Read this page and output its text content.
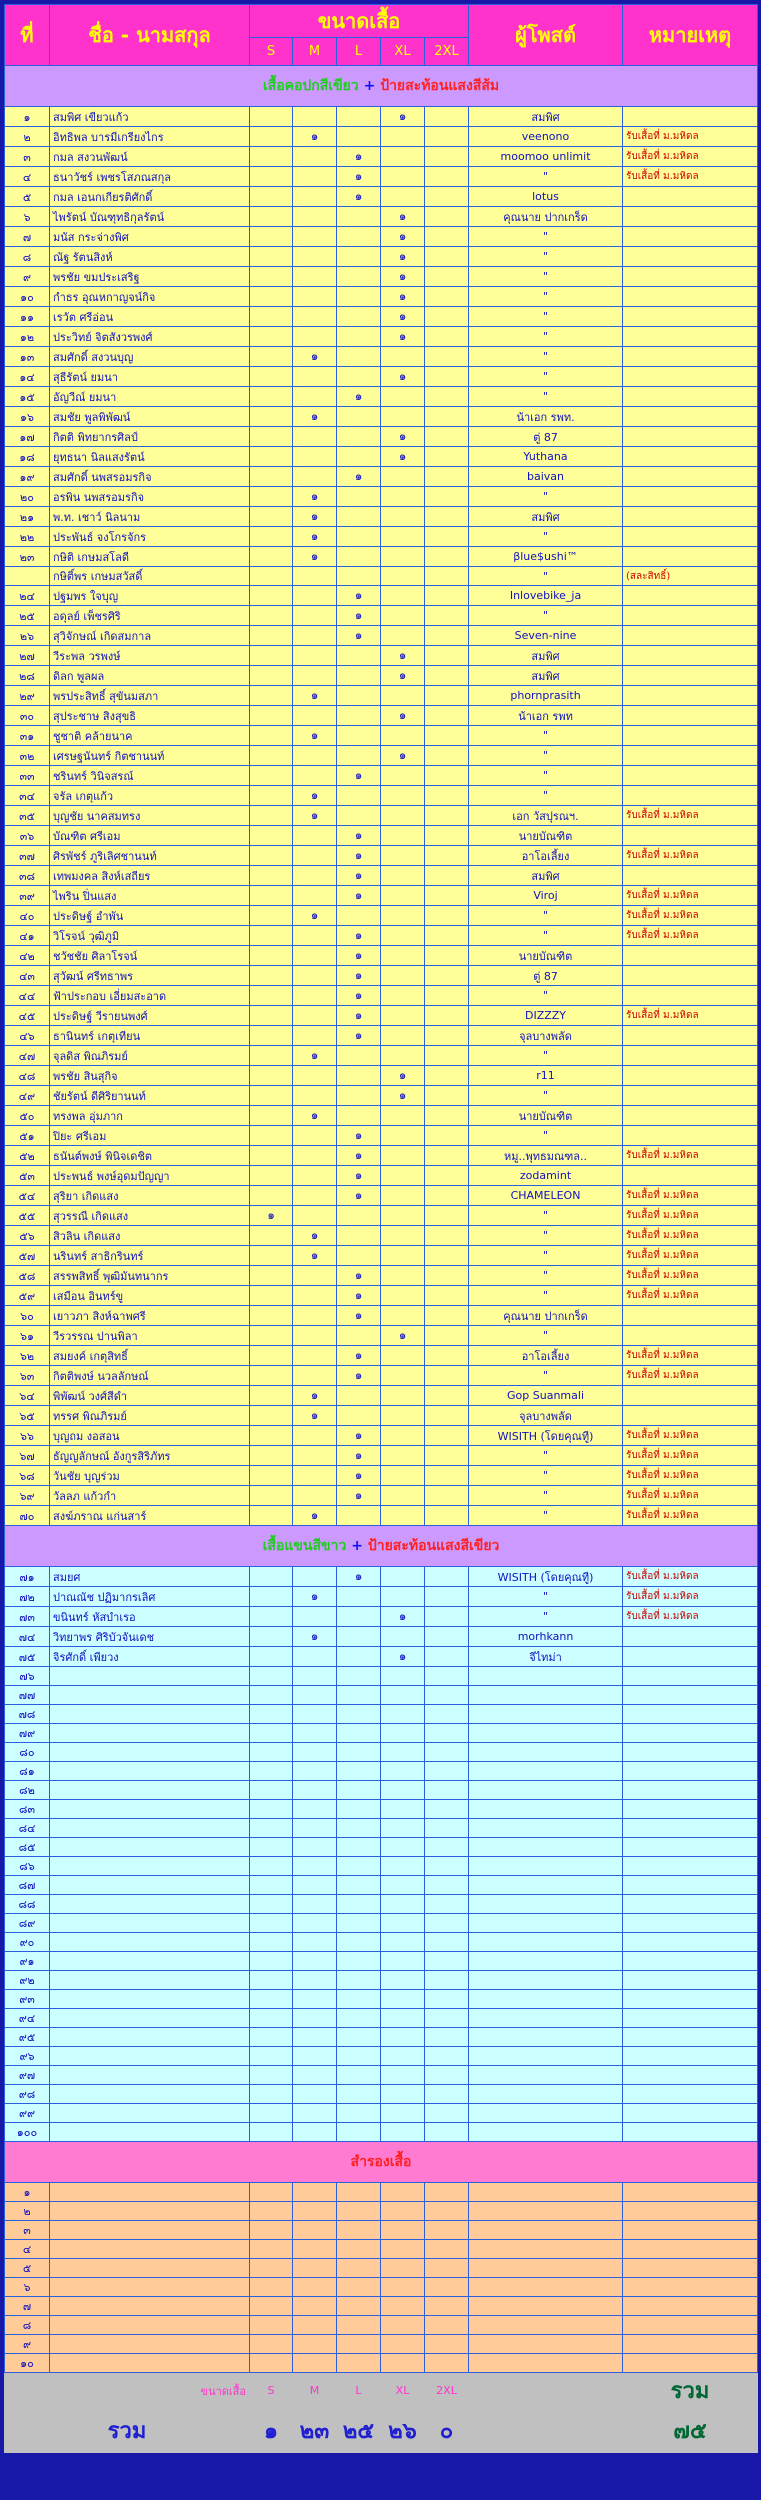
ที่	ชื่อ - นามสกุล	ขนาดเสื้อ					ผู้โพสต์	หมายเหตุ
		S	M	L	XL	2XL		
เสื้อคอปกสีเขียว + ป้ายสะท้อนแสงสีส้ม								
๑	สมพิศ เขียวแก้ว				๑		สมพิศ	
๒	อิทธิพล บารมีเกรียงไกร		๑				veenono	รับเสื้อที่ ม.มหิดล
๓	กมล สงวนพัฒน์			๑			moomoo unlimit	รับเสื้อที่ ม.มหิดล
๔	ธนาวัชร์ เพชรโสภณสกุล			๑			"	รับเสื้อที่ ม.มหิดล
๕	กมล เอนกเกียรติศักดิ์			๑			lotus	
๖	ไพรัตน์ บัณฑุทธิกุลรัตน์				๑		คุณนาย ปากเกร็ด	
๗	มนัส กระจ่างพิศ				๑		"	
๘	ณัฐ รัตนสิงห์				๑		"	
๙	พรชัย ขมประเสริฐ				๑		"	
๑๐	กำธร อุณหกาญจน์กิจ				๑		"	
๑๑	เรวัต ศรีอ่อน				๑		"	
๑๒	ประวิทย์ จิตสังวรพงศ์				๑		"	
๑๓	สมศักดิ์ สงวนบุญ		๑				"	
๑๔	สุธีรัตน์ ยมนา				๑		"	
๑๕	อัญวีณ์ ยมนา			๑			"	
๑๖	สมชัย พูลพิพัฒน์		๑				น้าเอก รพท.	
๑๗	กิตติ พิทยากรศิลป์				๑		ตู่ 87	
๑๘	ยุทธนา นิลแสงรัตน์				๑		Yuthana	
๑๙	สมศักดิ์ นพสรอมรกิจ			๑			baivan	
๒๐	อรพิน นพสรอมรกิจ		๑				"	
๒๑	พ.ท. เชาว์ นิลนาม		๑				สมพิศ	
๒๒	ประพันธ์ จงโกรจักร		๑				"	
๒๓	กษิติ เกษมสโลดี		๑				βlue$ushi™	
	กษิติ์พร เกษมสวัสดิ์						"	(สละสิทธิ์)
๒๔	ปฐมพร ใจบุญ			๑			Inlovebike_ja	
๒๕	อดุลย์ เพ็ชรศิริ			๑			"	
๒๖	สุวิจักษณ์ เกิดสมกาล			๑			Seven-nine	
๒๗	วีระพล วรพงษ์				๑		สมพิศ	
๒๘	ดิลก พูลผล				๑		สมพิศ	
๒๙	พรประสิทธิ์ สุขันมสภา		๑				phornprasith	
๓๐	สุประชาษ สิงสุขธิ				๑		น้าเอก รพท	
๓๑	ชูชาติ คล้ายนาค		๑				"	
๓๒	เศรษฐนันทร์ กิตชานนท์				๑		"	
๓๓	ชรินทร์ วินิจสรณ์			๑			"	
๓๔	จรัล เกตุแก้ว		๑				"	
๓๕	บุญชัย นาคสมทรง		๑				เอก วัสปุรณฯ.	รับเสื้อที่ ม.มหิดล
๓๖	บัณฑิต ศรีเอม			๑			นายบัณฑิต	
๓๗	ศิรพัชร์ ภูริเลิศชานนท์			๑			อาโอเลี้ยง	รับเสื้อที่ ม.มหิดล
๓๘	เทพมงคล สิงห์เสถียร			๑			สมพิศ	
๓๙	ไพริน ปิ่นแสง			๑			Viroj	รับเสื้อที่ ม.มหิดล
๔๐	ประดิษฐ์ อำพัน		๑				"	รับเสื้อที่ ม.มหิดล
๔๑	วิโรจน์ วุฒิภูมิ			๑			"	รับเสื้อที่ ม.มหิดล
๔๒	ชวัชชัย ศิลาโรจน์			๑			นายบัณฑิต	
๔๓	สุวัฒน์ ศรีทธาพร			๑			ตู่ 87	
๔๔	ฟ้าประกอบ เอี่ยมสะอาด			๑			"	
๔๕	ประดิษฐ์ วีรายนพงศ์			๑			DIZZZY	รับเสื้อที่ ม.มหิดล
๔๖	ธานินทร์ เกตุเทียน			๑			จุลบางพลัด	
๔๗	จุลดิส พิณภิรมย์		๑				"	
๔๘	พรชัย สินสุกิจ				๑		r11	
๔๙	ชัยรัตน์ ดีศิริยานนท์				๑		"	
๕๐	ทรงพล อุ่มภาก		๑				นายบัณฑิต	
๕๑	ปิยะ ศรีเอม			๑			"	
๕๒	ธนันต์พงษ์ พินิจเดชิต			๑			หมู..พุทธมณฑล..	รับเสื้อที่ ม.มหิดล
๕๓	ประพนธ์ พงษ์อุดมปัญญา			๑			zodamint	
๕๔	สุริยา เกิดแสง			๑			CHAMELEON	รับเสื้อที่ ม.มหิดล
๕๕	สุวรรณี เกิดแสง	๑					"	รับเสื้อที่ ม.มหิดล
๕๖	สิวลิน เกิดแสง		๑				"	รับเสื้อที่ ม.มหิดล
๕๗	นรินทร์ สาธิกรินทร์		๑				"	รับเสื้อที่ ม.มหิดล
๕๘	สรรพสิทธิ์ พุฒิมันทนากร			๑			"	รับเสื้อที่ ม.มหิดล
๕๙	เสมือน อินทร์ขู			๑			"	รับเสื้อที่ ม.มหิดล
๖๐	เยาวภา สิงห์ฉาพศรี			๑			คุณนาย ปากเกร็ด	
๖๑	วีรวรรณ ปานพิลา				๑		"	
๖๒	สมยงค์ เกตุสิทธิ์			๑			อาโอเลี้ยง	รับเสื้อที่ ม.มหิดล
๖๓	กิตติพงษ์ นวลลักษณ์			๑			"	รับเสื้อที่ ม.มหิดล
๖๔	พิพัฒน์ วงศ์สีดำ		๑				Gop Suanmali	
๖๕	ทรรศ พิณภิรมย์		๑				จุลบางพลัด	
๖๖	บุญถม งอสอน			๑			WISITH (โดยคุณทีู)	รับเสื้อที่ ม.มหิดล
๖๗	ธัญญลักษณ์ อังกูรสิริภัทร			๑			"	รับเสื้อที่ ม.มหิดล
๖๘	วันชัย บุญร่วม			๑			"	รับเสื้อที่ ม.มหิดล
๖๙	วัลลภ แก้วกำ			๑			"	รับเสื้อที่ ม.มหิดล
๗๐	สงฆ์ภราณ แก่นสาร์		๑				"	รับเสื้อที่ ม.มหิดล
เสื้อแขนสีขาว + ป้ายสะท้อนแสงสีเขียว								
๗๑	สมยศ			๑			WISITH (โดยคุณทีู)	รับเสื้อที่ ม.มหิดล
๗๒	ปาณณัช ปฏิมากรเลิศ		๑				"	รับเสื้อที่ ม.มหิดล
๗๓	ขนินทร์ หัสบำเรอ				๑		"	รับเสื้อที่ ม.มหิดล
๗๔	วิทยาพร ศิริบัวจันเดช		๑				morhkann	
๗๕	จิรศักดิ์ เพียวง				๑		จีไทม่า	
๗๖								
๗๗								
๗๘								
๗๙								
๘๐								
๘๑								
๘๒								
๘๓								
๘๔								
๘๕								
๘๖								
๘๗								
๘๘								
๘๙								
๙๐								
๙๑								
๙๒								
๙๓								
๙๔								
๙๕								
๙๖								
๙๗								
๙๘								
๙๙								
๑๐๐								
สำรองเสื้อ								
๑								
๒								
๓								
๔								
๕								
๖								
๗								
๘								
๙								
๑๐								
ขนาดเสื้อ		S	M	L	XL	2XL		รวม
รวม		๑	๒๓	๒๕	๒๖	๐		๗๕
